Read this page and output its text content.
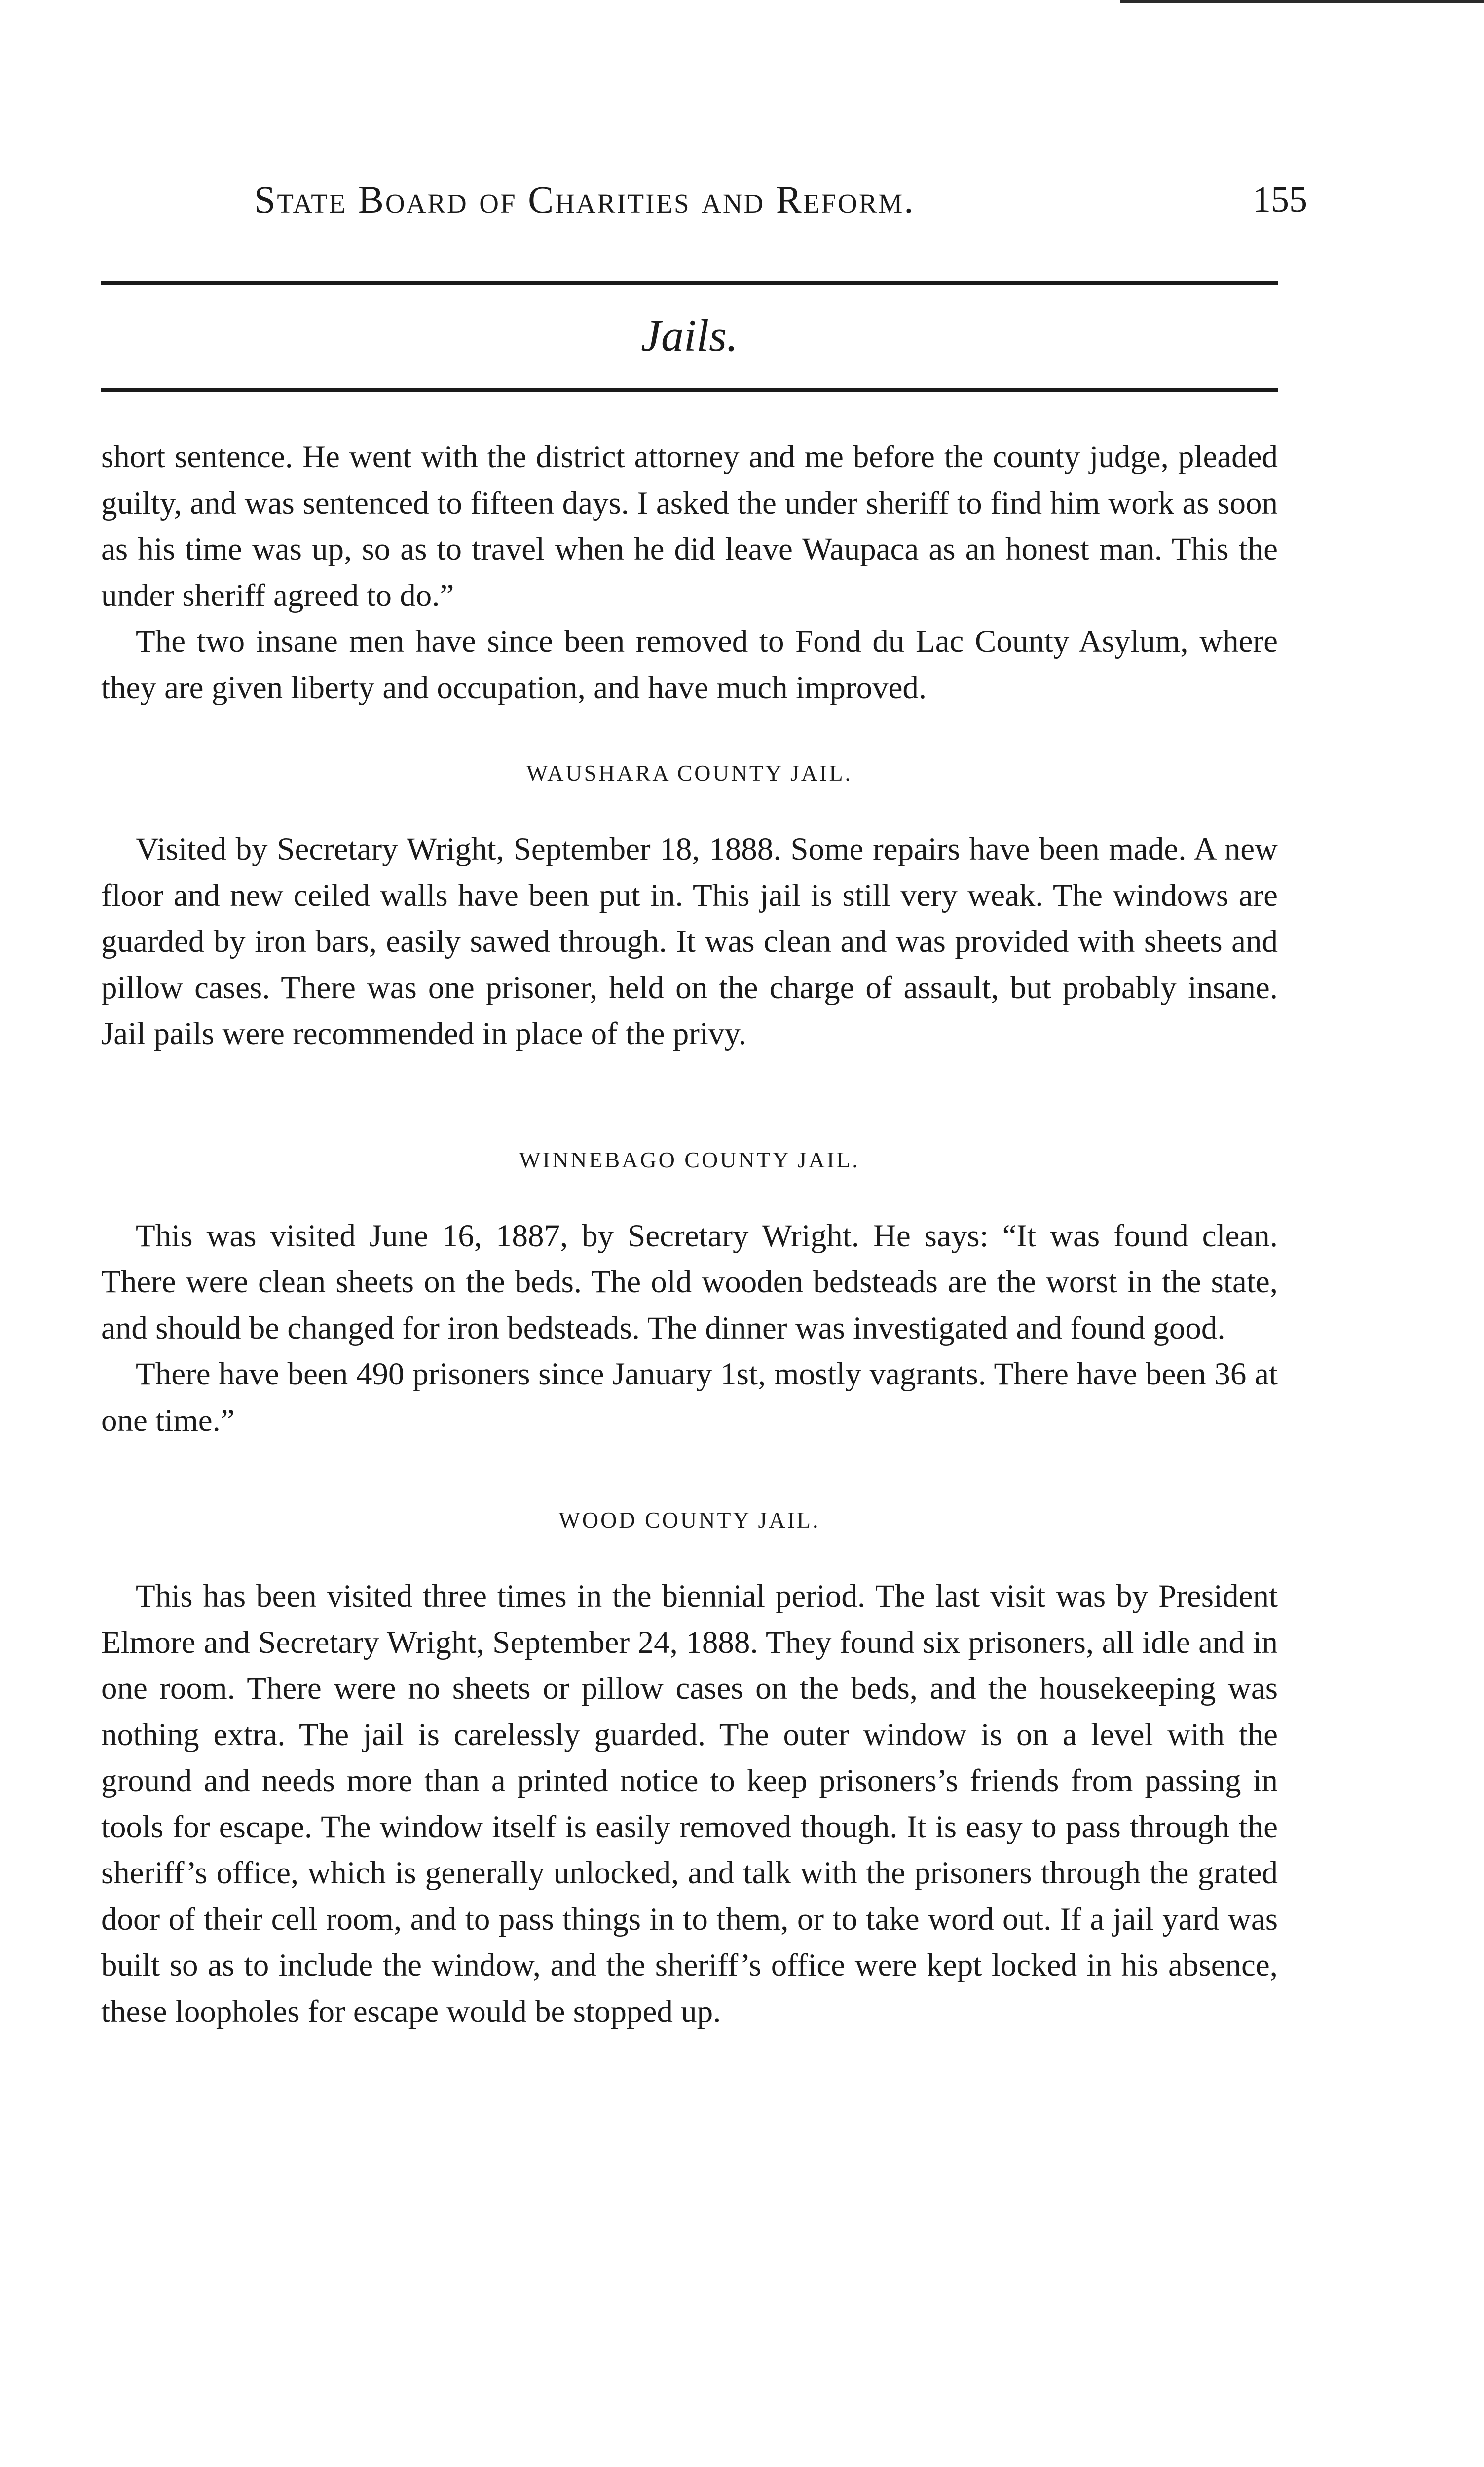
State Board of Charities and Reform.	155
Jails.

short sentence. He went with the district attorney and me before the county judge, pleaded guilty, and was sentenced to fifteen days. I asked the under sheriff to find him work as soon as his time was up, so as to travel when he did leave Waupaca as an honest man. This the under sheriff agreed to do.”

The two insane men have since been removed to Fond du Lac County Asylum, where they are given liberty and occupation, and have much improved.

WAUSHARA COUNTY JAIL.

Visited by Secretary Wright, September 18, 1888. Some repairs have been made. A new floor and new ceiled walls have been put in. This jail is still very weak. The windows are guarded by iron bars, easily sawed through. It was clean and was provided with sheets and pillow cases. There was one prisoner, held on the charge of assault, but probably insane. Jail pails were recommended in place of the privy.

WINNEBAGO COUNTY JAIL.

This was visited June 16, 1887, by Secretary Wright. He says: “It was found clean. There were clean sheets on the beds. The old wooden bedsteads are the worst in the state, and should be changed for iron bedsteads. The dinner was investigated and found good.

There have been 490 prisoners since January 1st, mostly vagrants. There have been 36 at one time.”

WOOD COUNTY JAIL.

This has been visited three times in the biennial period. The last visit was by President Elmore and Secretary Wright, September 24, 1888. They found six prisoners, all idle and in one room. There were no sheets or pillow cases on the beds, and the housekeeping was nothing extra. The jail is carelessly guarded. The outer window is on a level with the ground and needs more than a printed notice to keep prisoners’s friends from passing in tools for escape. The window itself is easily removed though. It is easy to pass through the sheriff’s office, which is generally unlocked, and talk with the prisoners through the grated door of their cell room, and to pass things in to them, or to take word out. If a jail yard was built so as to include the window, and the sheriff’s office were kept locked in his absence, these loopholes for escape would be stopped up.
